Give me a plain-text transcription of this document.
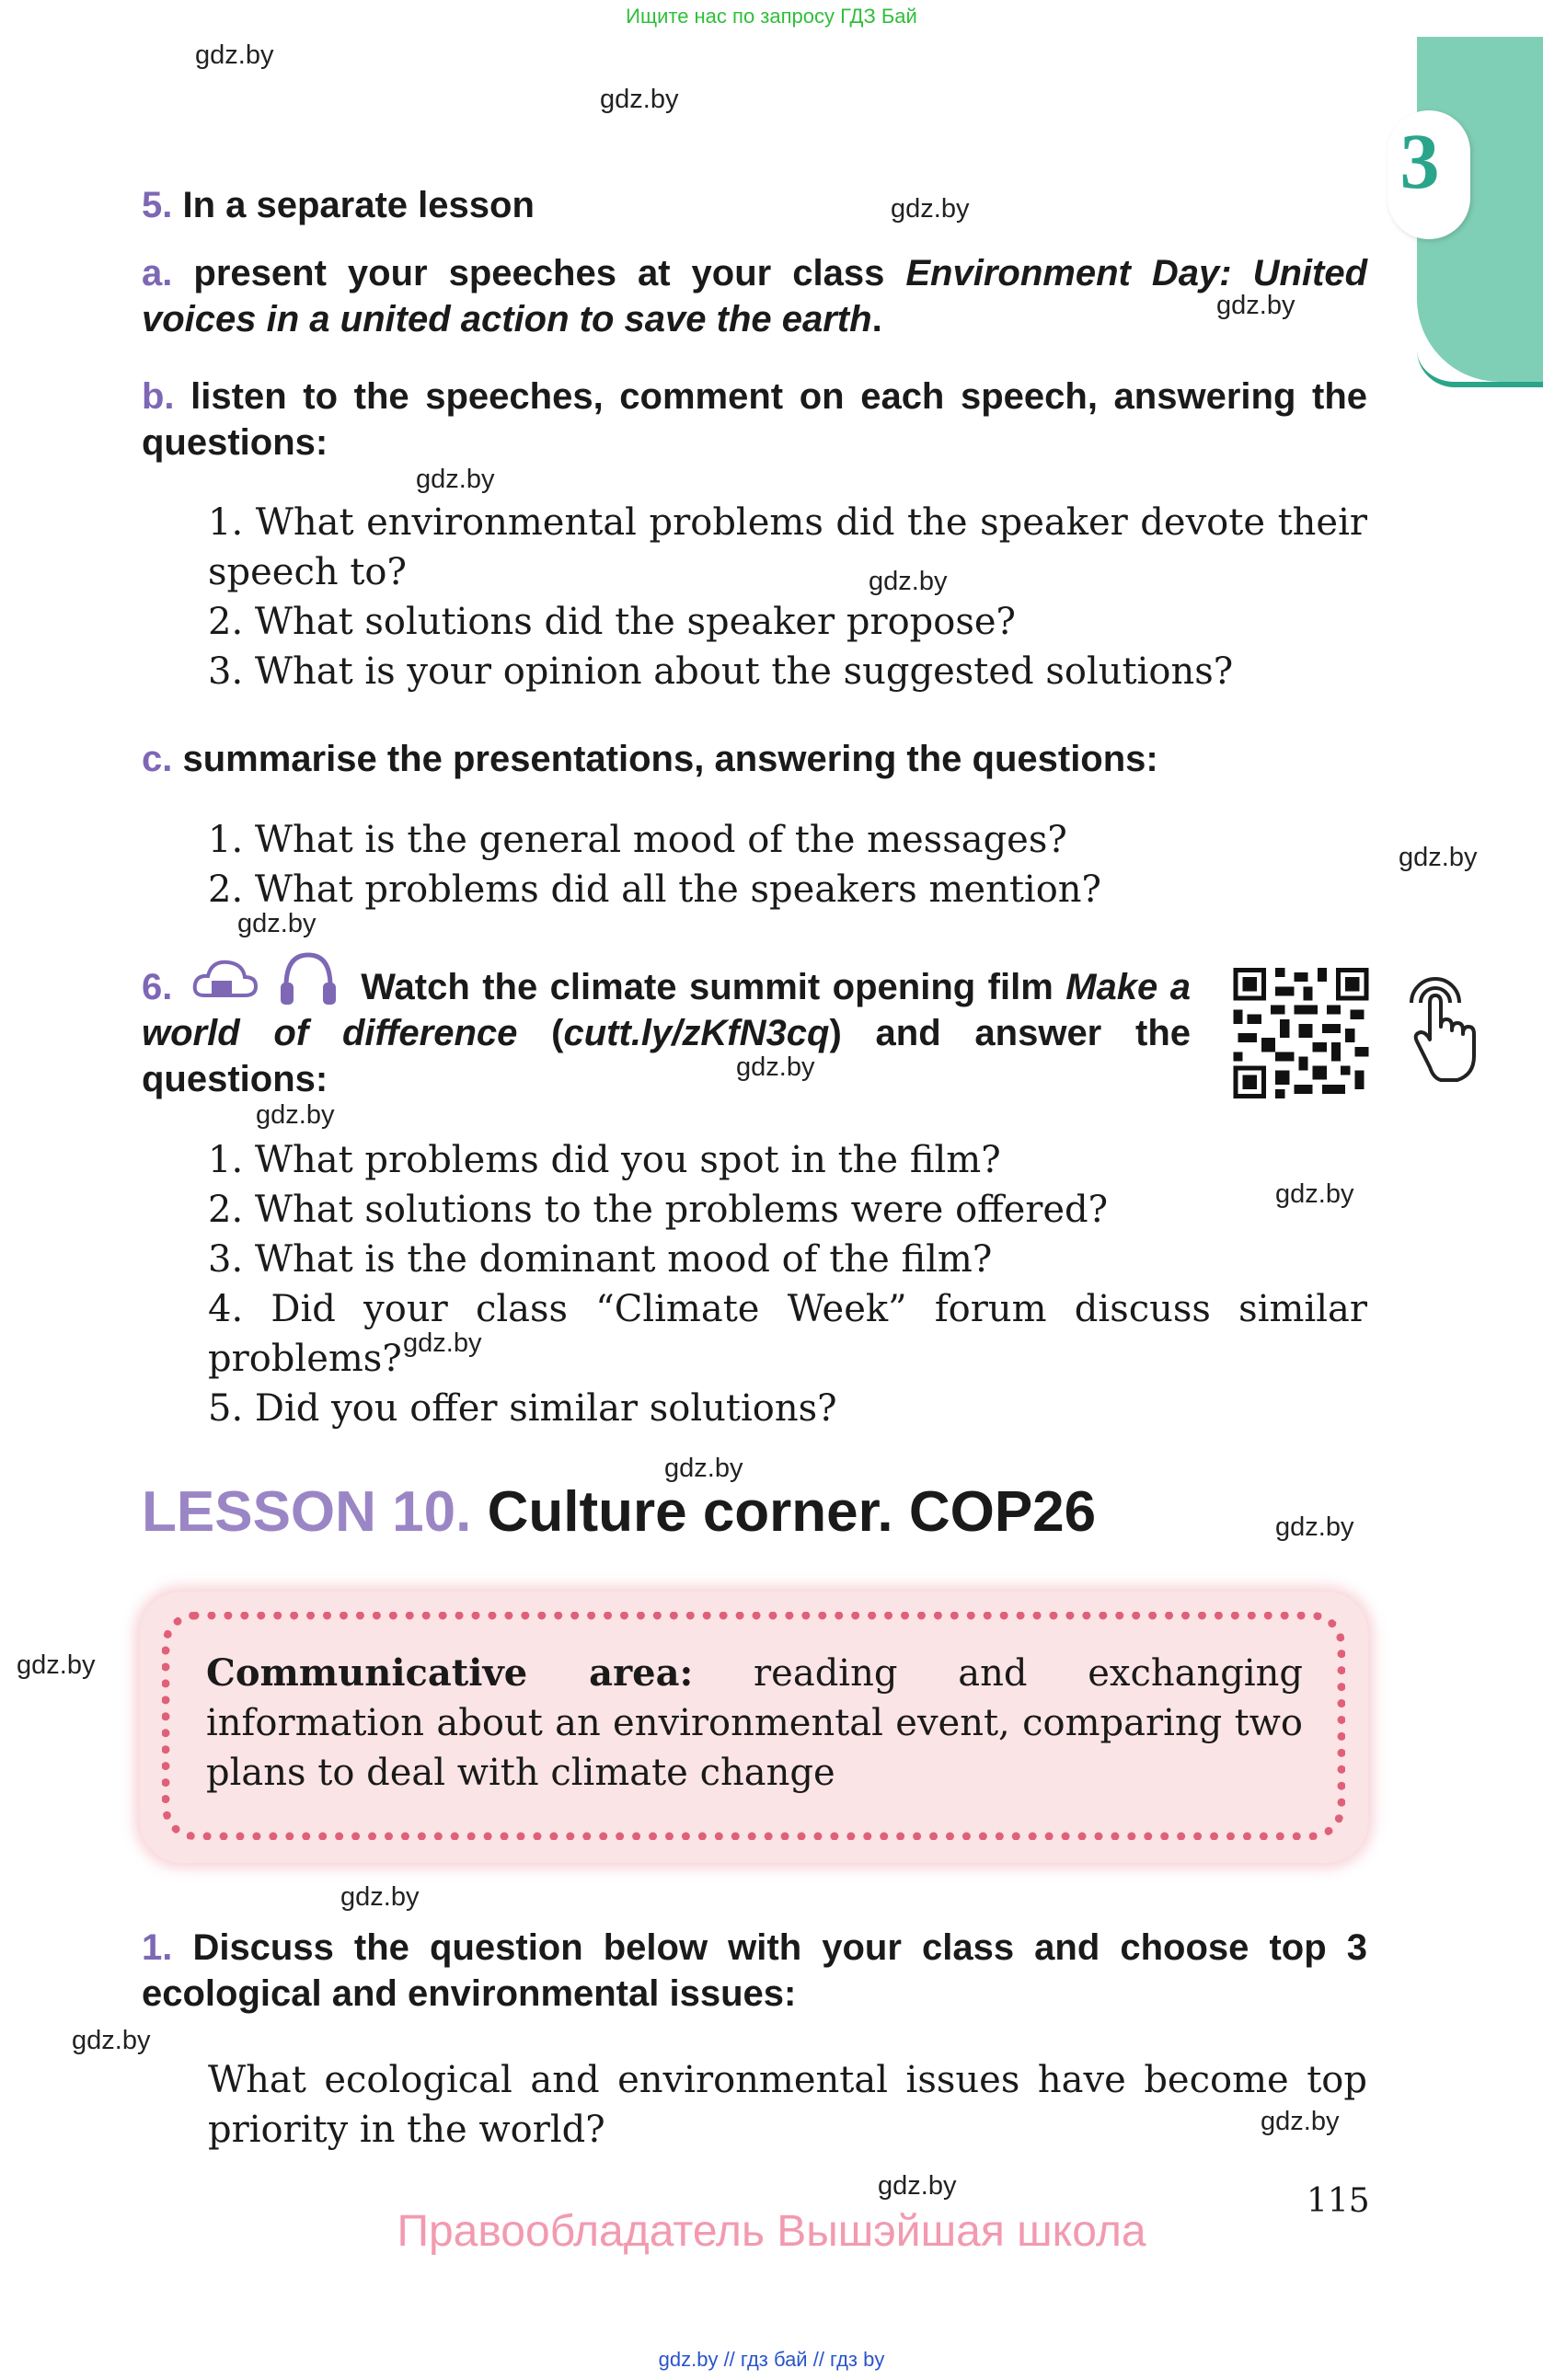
Ищите нас по запросу ГДЗ Бай
3
gdz.by
gdz.by
gdz.by
gdz.by
gdz.by
gdz.by
gdz.by
gdz.by
gdz.by
gdz.by
gdz.by
gdz.by
gdz.by
gdz.by
gdz.by
gdz.by
gdz.by
gdz.by
gdz.by
5. In a separate lesson
a. present your speeches at your class Environment Day: United voices in a united action to save the earth.
b. listen to the speeches, comment on each speech, answering the questions:
1. What environmental problems did the speaker devote their speech to?
2. What solutions did the speaker propose?
3. What is your opinion about the suggested solutions?
c. summarise the presentations, answering the questions:
1. What is the general mood of the messages?
2. What problems did all the speakers mention?
6.	Watch the climate summit opening film Make a world of difference (cutt.ly/zKfN3cq) and answer the questions:
1. What problems did you spot in the film?
2. What solutions to the problems were offered?
3. What is the dominant mood of the film?
4. Did your class “Climate Week” forum discuss similar problems?
5. Did you offer similar solutions?
LESSON 10. Culture corner. COP26
Communicative area: reading and exchanging information about an environmental event, comparing two plans to deal with climate change
1. Discuss the question below with your class and choose top 3 ecological and environmental issues:
What ecological and environmental issues have become top priority in the world?
115
Правообладатель Вышэйшая школа
gdz.by // гдз бай // гдз by
